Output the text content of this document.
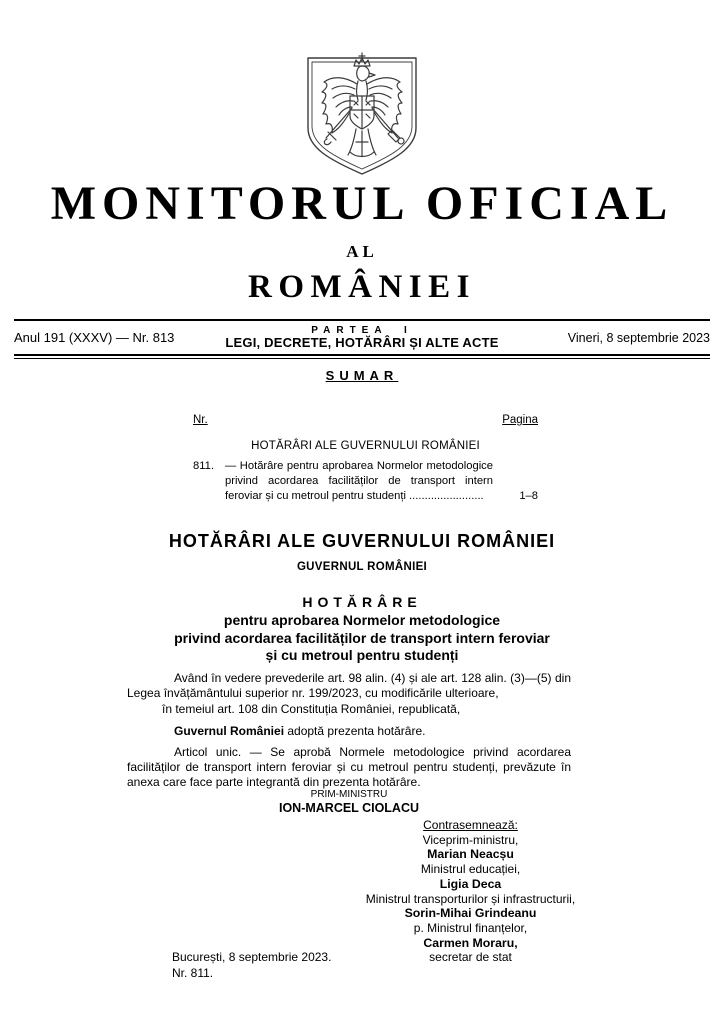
MONITORUL OFICIAL
AL
ROMÂNIEI
Anul 191 (XXXV) — Nr. 813	PARTEA I
LEGI, DECRETE, HOTĂRÂRI ȘI ALTE ACTE	Vineri, 8 septembrie 2023
SUMAR
Nr.	Pagina
HOTĂRÂRI ALE GUVERNULUI ROMÂNIEI
811. — Hotărâre pentru aprobarea Normelor metodologice privind acordarea facilităților de transport intern feroviar și cu metroul pentru studenți ........................	1–8
HOTĂRÂRI ALE GUVERNULUI ROMÂNIEI
GUVERNUL ROMÂNIEI
HOTĂRÂRE
pentru aprobarea Normelor metodologice
privind acordarea facilităților de transport intern feroviar
și cu metroul pentru studenți

Având în vedere prevederile art. 98 alin. (4) și ale art. 128 alin. (3)—(5) din Legea învățământului superior nr. 199/2023, cu modificările ulterioare,

în temeiul art. 108 din Constituția României, republicată,

Guvernul României adoptă prezenta hotărâre.

Articol unic. — Se aprobă Normele metodologice privind acordarea facilităților de transport intern feroviar și cu metroul pentru studenți, prevăzute în anexa care face parte integrantă din prezenta hotărâre.

PRIM-MINISTRU
ION-MARCEL CIOLACU
Contrasemnează:
Viceprim-ministru,
Marian Neacșu
Ministrul educației,
Ligia Deca
Ministrul transporturilor și infrastructurii,
Sorin-Mihai Grindeanu
p. Ministrul finanțelor,
Carmen Moraru,
secretar de stat
București, 8 septembrie 2023.
Nr. 811.
